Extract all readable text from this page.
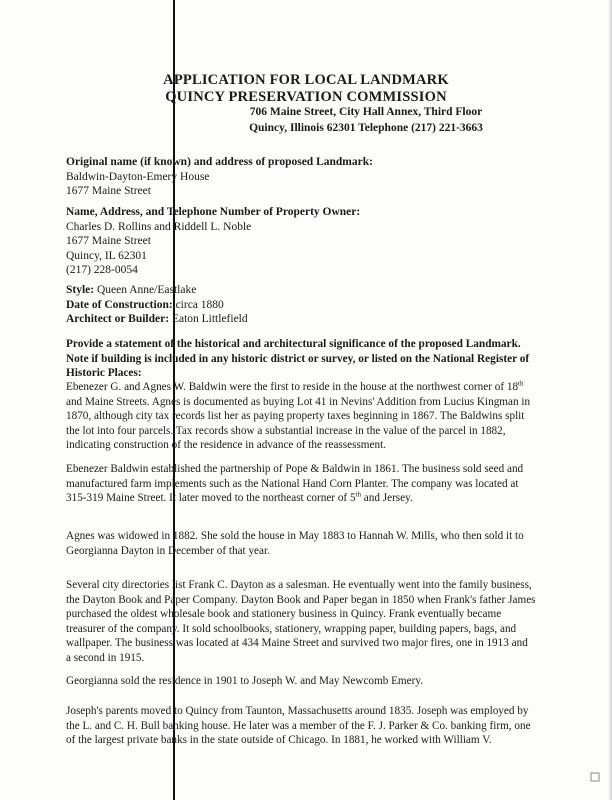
APPLICATION FOR LOCAL LANDMARK
QUINCY PRESERVATION COMMISSION
706 Maine Street, City Hall Annex, Third Floor
Quincy, Illinois 62301 Telephone (217) 221-3663
Original name (if known) and address of proposed Landmark:
Baldwin-Dayton-Emery House
1677 Maine Street
Name, Address, and Telephone Number of Property Owner:
Charles D. Rollins and Riddell L. Noble
1677 Maine Street
Quincy, IL 62301
(217) 228-0054
Style: Queen Anne/Eastlake
Date of Construction: circa 1880
Architect or Builder: Eaton Littlefield
Provide a statement of the historical and architectural significance of the proposed Landmark.
Note if building is included in any historic district or survey, or listed on the National Register of
Historic Places:
Ebenezer G. and Agnes W. Baldwin were the first to reside in the house at the northwest corner of 18th
and Maine Streets. Agnes is documented as buying Lot 41 in Nevins' Addition from Lucius Kingman in
1870, although city tax records list her as paying property taxes beginning in 1867. The Baldwins split
the lot into four parcels. Tax records show a substantial increase in the value of the parcel in 1882,
indicating construction of the residence in advance of the reassessment.
Ebenezer Baldwin established the partnership of Pope & Baldwin in 1861. The business sold seed and
manufactured farm implements such as the National Hand Corn Planter. The company was located at
315-319 Maine Street. It later moved to the northeast corner of 5th and Jersey.
Agnes was widowed in 1882. She sold the house in May 1883 to Hannah W. Mills, who then sold it to
Georgianna Dayton in December of that year.
Several city directories list Frank C. Dayton as a salesman. He eventually went into the family business,
the Dayton Book and Paper Company. Dayton Book and Paper began in 1850 when Frank's father James
purchased the oldest wholesale book and stationery business in Quincy. Frank eventually became
treasurer of the company. It sold schoolbooks, stationery, wrapping paper, building papers, bags, and
wallpaper. The business was located at 434 Maine Street and survived two major fires, one in 1913 and
a second in 1915.
Georgianna sold the residence in 1901 to Joseph W. and May Newcomb Emery.
Joseph's parents moved to Quincy from Taunton, Massachusetts around 1835. Joseph was employed by
the L. and C. H. Bull banking house. He later was a member of the F. J. Parker & Co. banking firm, one
of the largest private banks in the state outside of Chicago. In 1881, he worked with William V.
